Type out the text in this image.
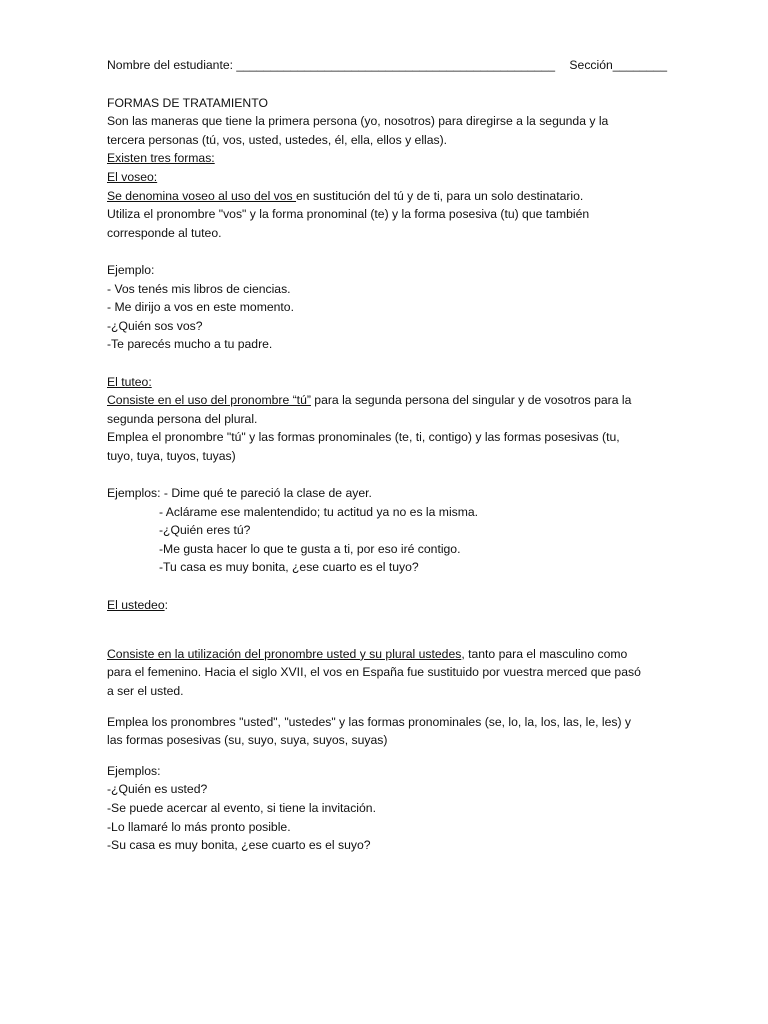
Nombre del estudiante: _______________________________________________ Sección________
FORMAS DE TRATAMIENTO
Son las maneras que tiene la primera persona (yo, nosotros) para diregirse a la segunda y la
tercera personas (tú, vos, usted, ustedes, él, ella, ellos y ellas).
Existen tres formas:
El voseo:
Se denomina voseo al uso del vos en sustitución del tú y de ti, para un solo destinatario.
Utiliza el pronombre "vos" y la forma pronominal (te) y la forma posesiva (tu) que también
corresponde al tuteo.
Ejemplo:
- Vos tenés mis libros de ciencias.
- Me dirijo a vos en este momento.
-¿Quién sos vos?
-Te parecés mucho a tu padre.
El tuteo:
Consiste en el uso del pronombre “tú” para la segunda persona del singular y de vosotros para la
segunda persona del plural.
Emplea el pronombre "tú" y las formas pronominales (te, ti, contigo) y las formas posesivas (tu,
tuyo, tuya, tuyos, tuyas)
Ejemplos: - Dime qué te pareció la clase de ayer.
- Aclárame ese malentendido; tu actitud ya no es la misma.
-¿Quién eres tú?
-Me gusta hacer lo que te gusta a ti, por eso iré contigo.
-Tu casa es muy bonita, ¿ese cuarto es el tuyo?
El ustedeo:
Consiste en la utilización del pronombre usted y su plural ustedes, tanto para el masculino como
para el femenino. Hacia el siglo XVII, el vos en España fue sustituido por vuestra merced que pasó
a ser el usted.
Emplea los pronombres "usted", "ustedes" y las formas pronominales (se, lo, la, los, las, le, les) y
las formas posesivas (su, suyo, suya, suyos, suyas)
Ejemplos:
-¿Quién es usted?
-Se puede acercar al evento, si tiene la invitación.
-Lo llamaré lo más pronto posible.
-Su casa es muy bonita, ¿ese cuarto es el suyo?
